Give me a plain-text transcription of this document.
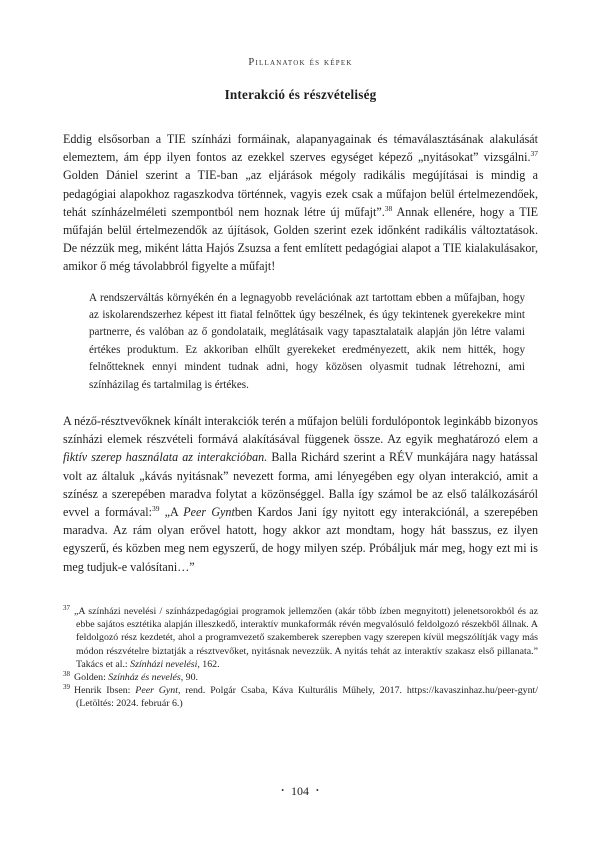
Pillanatok és képek
Interakció és részvételiség

Eddig elsősorban a TIE színházi formáinak, alapanyagainak és témaválasztásának alakulását elemeztem, ám épp ilyen fontos az ezekkel szerves egységet képező „nyitásokat” vizsgálni.$^{37}$ Golden Dániel szerint a TIE-ban „az eljárások mégoly radikális megújításai is mindig a pedagógiai alapokhoz ragaszkodva történnek, vagyis ezek csak a műfajon belül értelmezendőek, tehát színházelméleti szempontból nem hoznak létre új műfajt”.$^{38}$ Annak ellenére, hogy a TIE műfaján belül értelmezendők az újítások, Golden szerint ezek időnként radikális változtatások. De nézzük meg, miként látta Hajós Zsuzsa a fent említett pedagógiai alapot a TIE kialakulásakor, amikor ő még távolabbról figyelte a műfajt!

A rendszerváltás környékén én a legnagyobb revelációnak azt tartottam ebben a műfajban, hogy az iskolarendszerhez képest itt fiatal felnőttek úgy beszélnek, és úgy tekintenek gyerekekre mint partnerre, és valóban az ő gondolataik, meglátásaik vagy tapasztalataik alapján jön létre valami értékes produktum. Ez akkoriban elhűlt gyerekeket eredményezett, akik nem hitték, hogy felnőtteknek ennyi mindent tudnak adni, hogy közösen olyasmit tudnak létrehozni, ami színházilag és tartalmilag is értékes.

A néző-résztvevőknek kínált interakciók terén a műfajon belüli fordulópontok leginkább bizonyos színházi elemek részvételi formává alakításával függenek össze. Az egyik meghatározó elem a fiktív szerep használata az interakcióban. Balla Richárd szerint a RÉV munkájára nagy hatással volt az általuk „kávás nyitásnak” nevezett forma, ami lényegében egy olyan interakció, amit a színész a szerepében maradva folytat a közönséggel. Balla így számol be az első találkozásáról evvel a formával:$^{39}$ „A Peer Gyntben Kardos Jani így nyitott egy interakciónál, a szerepében maradva. Az rám olyan erővel hatott, hogy akkor azt mondtam, hogy hát basszus, ez ilyen egyszerű, és közben meg nem egyszerű, de hogy milyen szép. Próbáljuk már meg, hogy ezt mi is meg tudjuk-e valósítani…”

$^{37}$ „A színházi nevelési / színházpedagógiai programok jellemzően (akár több ízben megnyitott) jelenetsorokból és az ebbe sajátos esztétika alapján illeszkedő, interaktív munkaformák révén megvalósuló feldolgozó részekből állnak. A feldolgozó rész kezdetét, ahol a programvezető szakemberek szerepben vagy szerepen kívül megszólítják vagy más módon részvételre biztatják a résztvevőket, nyitásnak nevezzük. A nyitás tehát az interaktív szakasz első pillanata.” Takács et al.: Színházi nevelési, 162.
$^{38}$ Golden: Színház és nevelés, 90.
$^{39}$ Henrik Ibsen: Peer Gynt, rend. Polgár Csaba, Káva Kulturális Műhely, 2017. https://kavaszinhaz.hu/peer-gynt/ (Letöltés: 2024. február 6.)
• 104 •
